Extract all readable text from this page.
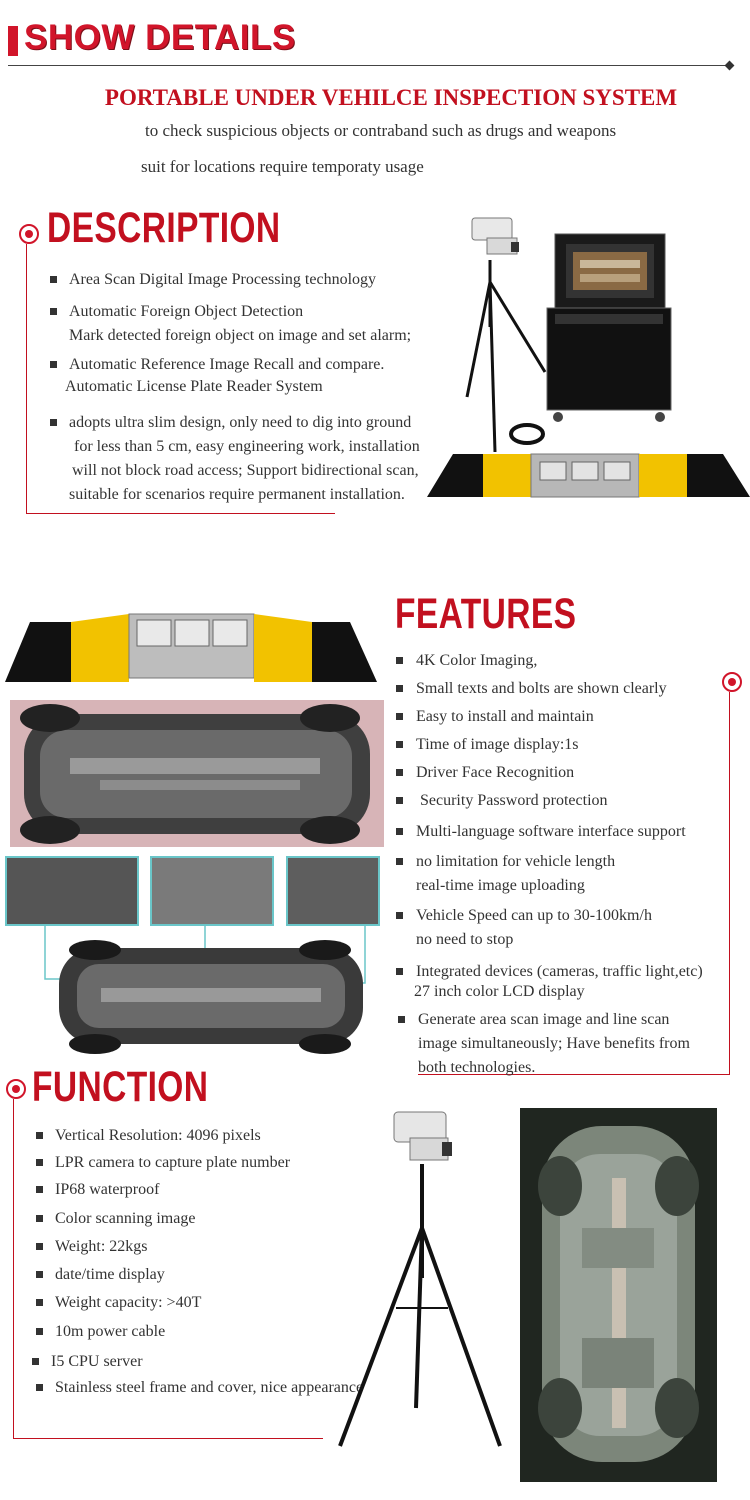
SHOW DETAILS
PORTABLE UNDER VEHILCE INSPECTION SYSTEM
to check suspicious objects or contraband such as drugs and weapons
suit for locations require temporaty usage
DESCRIPTION
Area Scan Digital Image Processing technology
Automatic Foreign Object Detection
Mark detected foreign object on image and set alarm;
Automatic Reference Image Recall and compare.
Automatic License Plate Reader System
adopts ultra slim design, only need to dig into ground
for less than 5 cm, easy engineering work, installation
will not block road access; Support bidirectional scan,
suitable for scenarios require permanent installation.
FEATURES
4K Color Imaging,
Small texts and bolts are shown clearly
Easy to install and maintain
Time of image display:1s
Driver Face Recognition
Security Password protection
Multi-language software interface support
no limitation for vehicle length
real-time image uploading
Vehicle Speed can up to 30-100km/h
no need to stop
Integrated devices (cameras, traffic light,etc)
27 inch color LCD display
Generate area scan image and line scan
image simultaneously; Have benefits from
both technologies.
FUNCTION
Vertical Resolution: 4096 pixels
LPR camera to capture plate number
IP68 waterproof
Color scanning image
Weight: 22kgs
date/time display
Weight capacity: >40T
10m power cable
I5 CPU server
Stainless steel frame and cover, nice appearance
